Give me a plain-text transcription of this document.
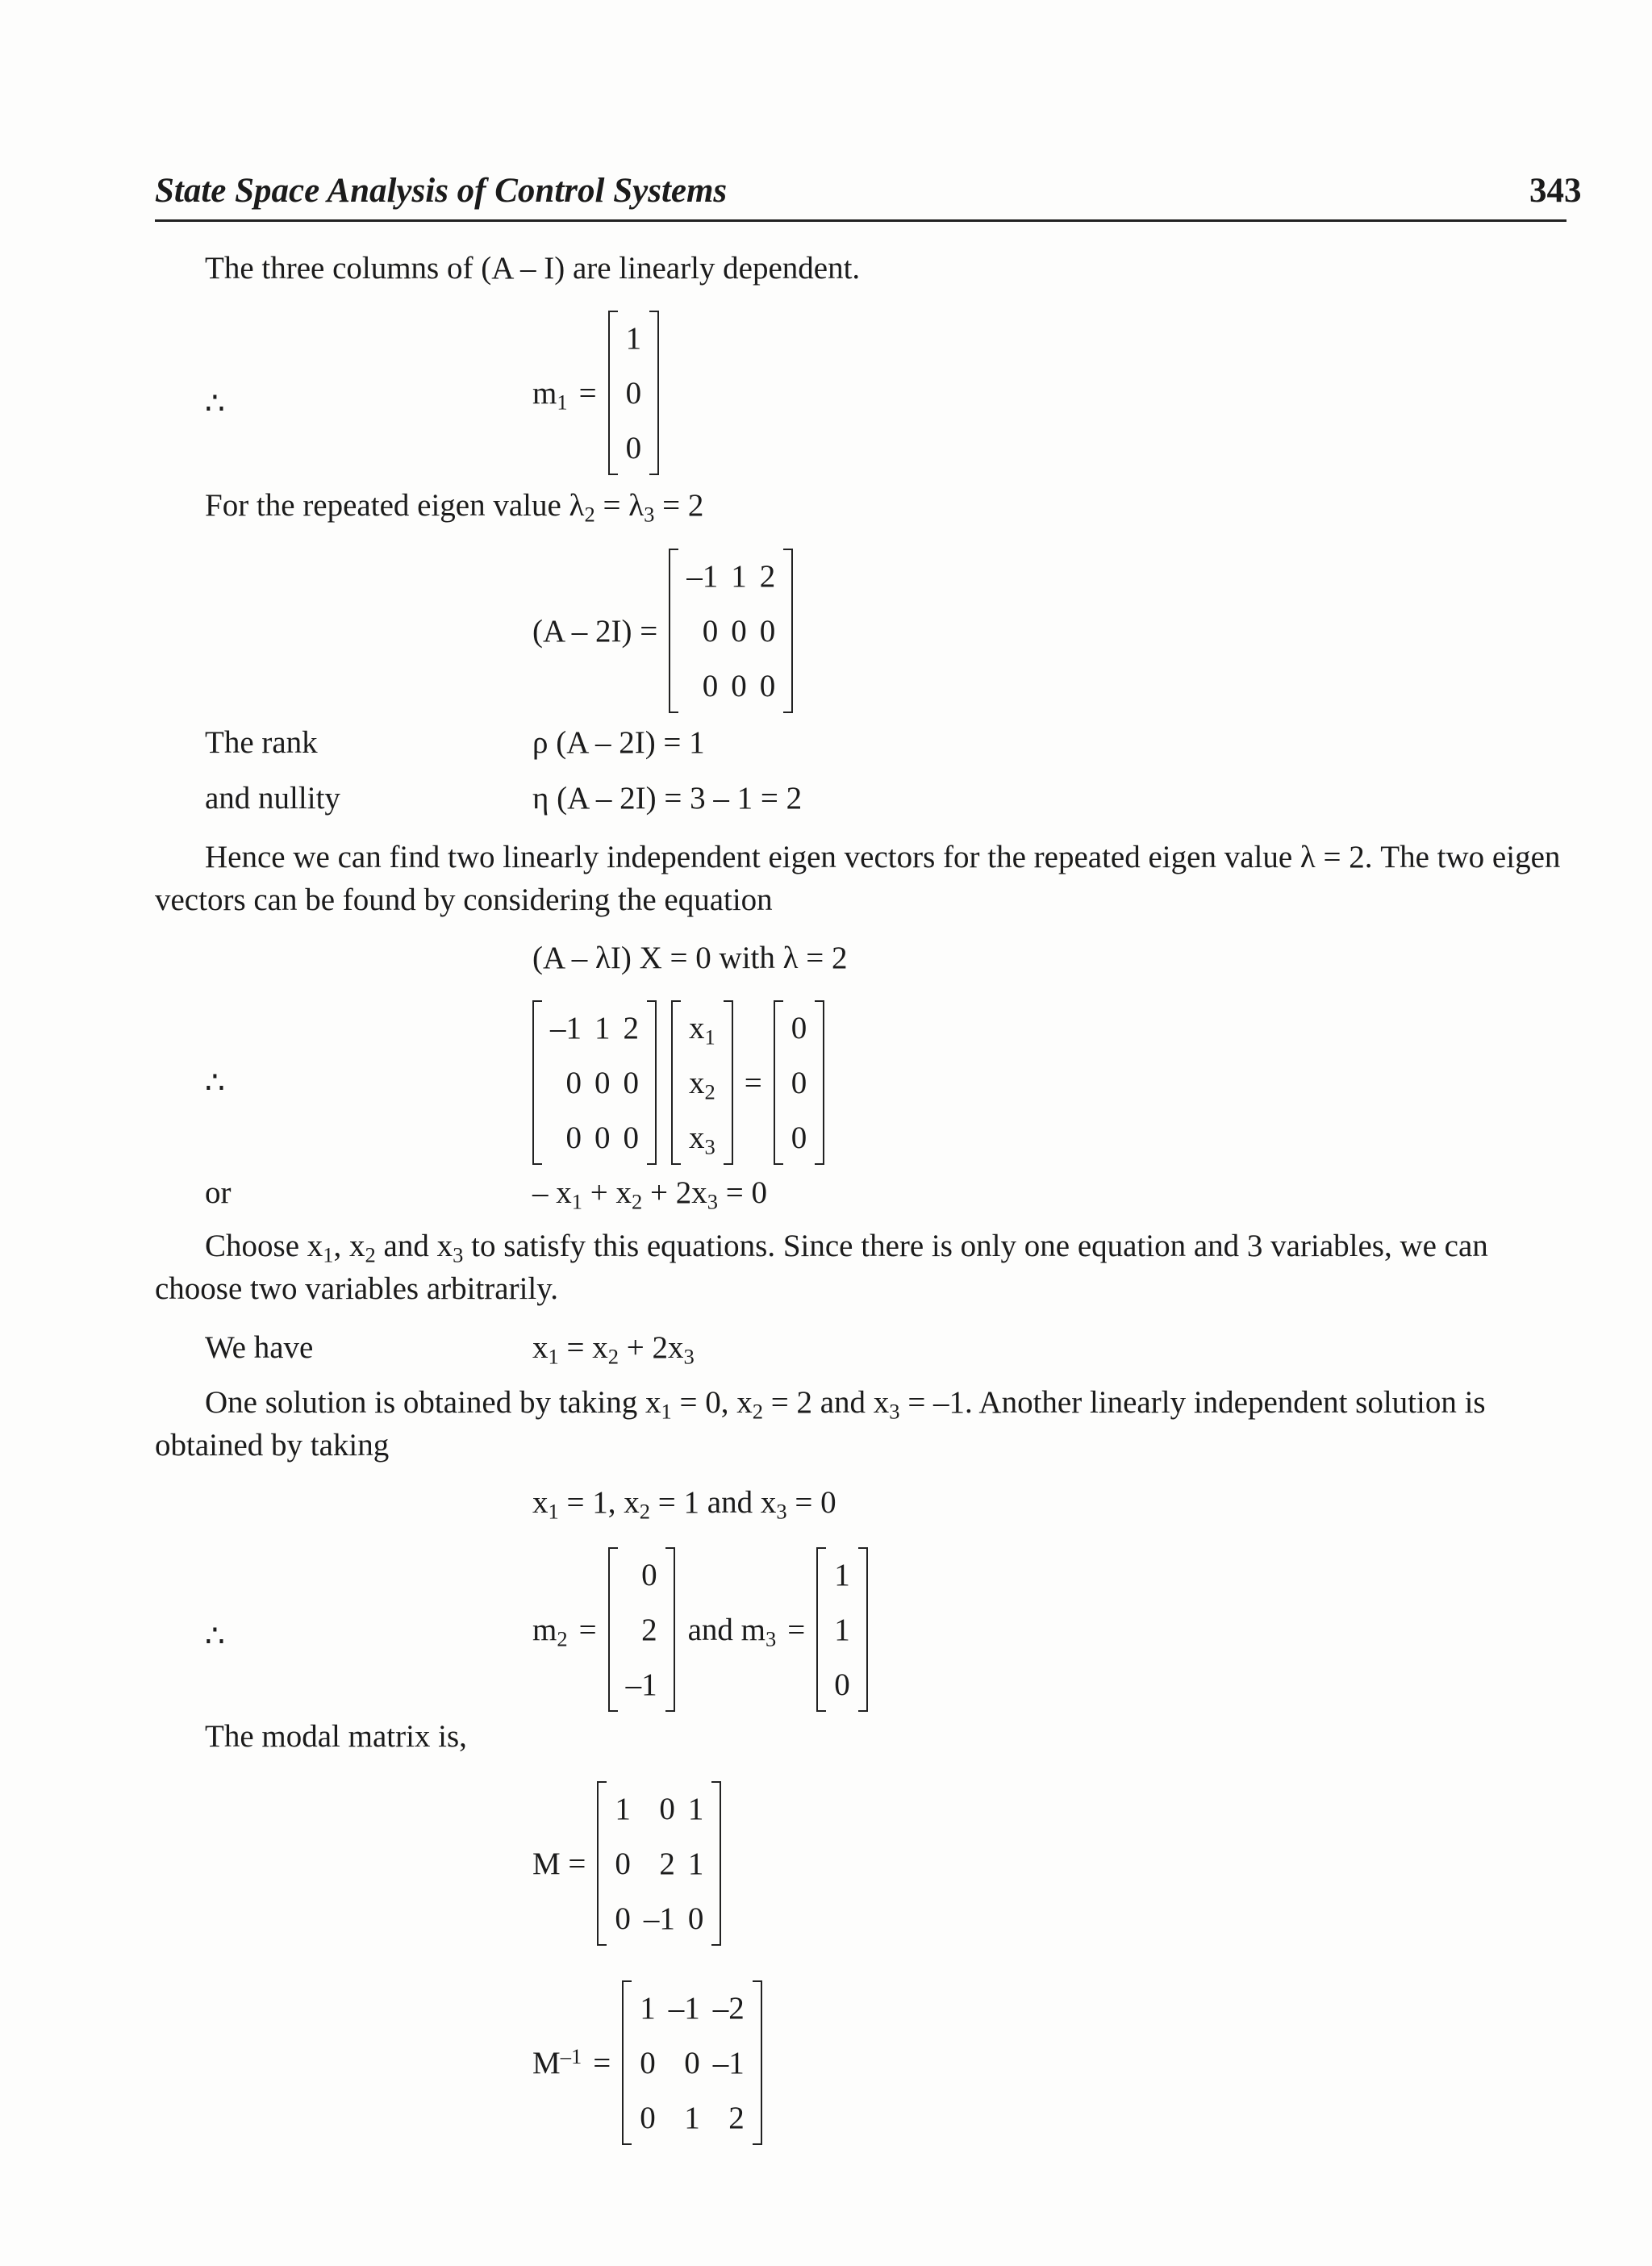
State Space Analysis of Control Systems	343
The three columns of (A – I) are linearly dependent.
∴	$m_1$ =
1
0
0
For the repeated eigen value $\lambda_2 = \lambda_3 = 2$
(A – 2I) =
–1	1	2
0	0	0
0	0	0
The rank	ρ (A – 2I) = 1
and nullity	η (A – 2I) = 3 – 1 = 2
Hence we can find two linearly independent eigen vectors for the repeated eigen value λ = 2. The two eigen vectors can be found by considering the equation
(A – λI) X = 0 with λ = 2
∴
–1	1	2
0	0	0
0	0	0
$x_1$
$x_2$
$x_3$
=
0
0
0
or	– $x_1 + x_2 + 2x_3 = 0$
Choose $x_1$, $x_2$ and $x_3$ to satisfy this equations. Since there is only one equation and 3 variables, we can choose two variables arbitrarily.
We have	$x_1 = x_2 + 2x_3$
One solution is obtained by taking $x_1 = 0$, $x_2 = 2$ and $x_3 = -1$. Another linearly independent solution is obtained by taking
$x_1 = 1$, $x_2 = 1$ and $x_3 = 0$
∴	$m_2$ =
0
2
–1
and $m_3$ =
1
1
0
The modal matrix is,
M =
1	0	1
0	2	1
0	–1	0
$M^{-1}$ =
1	–1	–2
0	0	–1
0	1	2
